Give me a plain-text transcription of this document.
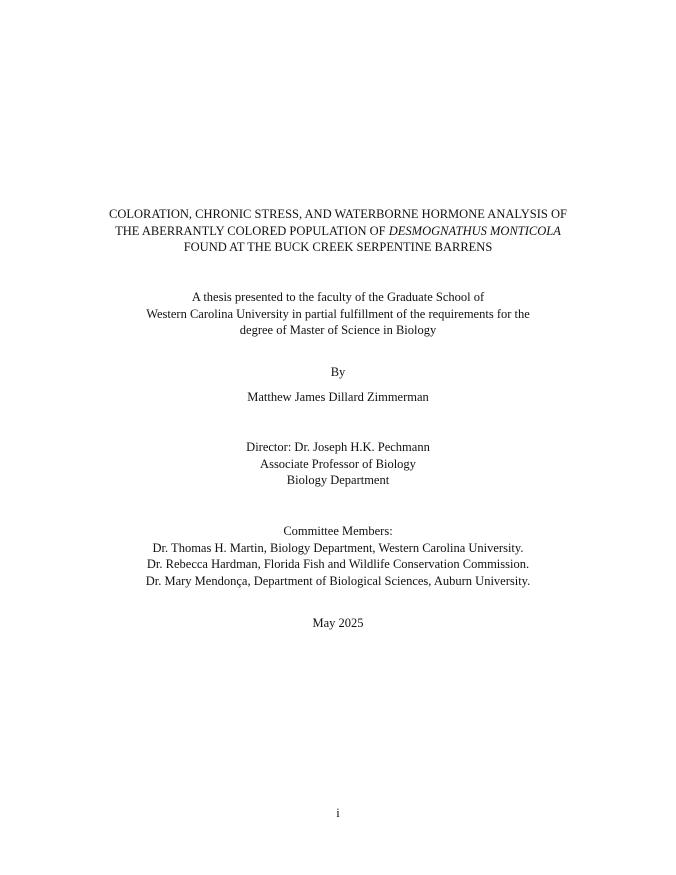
COLORATION, CHRONIC STRESS, AND WATERBORNE HORMONE ANALYSIS OF
THE ABERRANTLY COLORED POPULATION OF DESMOGNATHUS MONTICOLA
FOUND AT THE BUCK CREEK SERPENTINE BARRENS
A thesis presented to the faculty of the Graduate School of
Western Carolina University in partial fulfillment of the requirements for the
degree of Master of Science in Biology
By
Matthew James Dillard Zimmerman
Director: Dr. Joseph H.K. Pechmann
Associate Professor of Biology
Biology Department
Committee Members:
Dr. Thomas H. Martin, Biology Department, Western Carolina University.
Dr. Rebecca Hardman, Florida Fish and Wildlife Conservation Commission.
Dr. Mary Mendonça, Department of Biological Sciences, Auburn University.
May 2025
i
